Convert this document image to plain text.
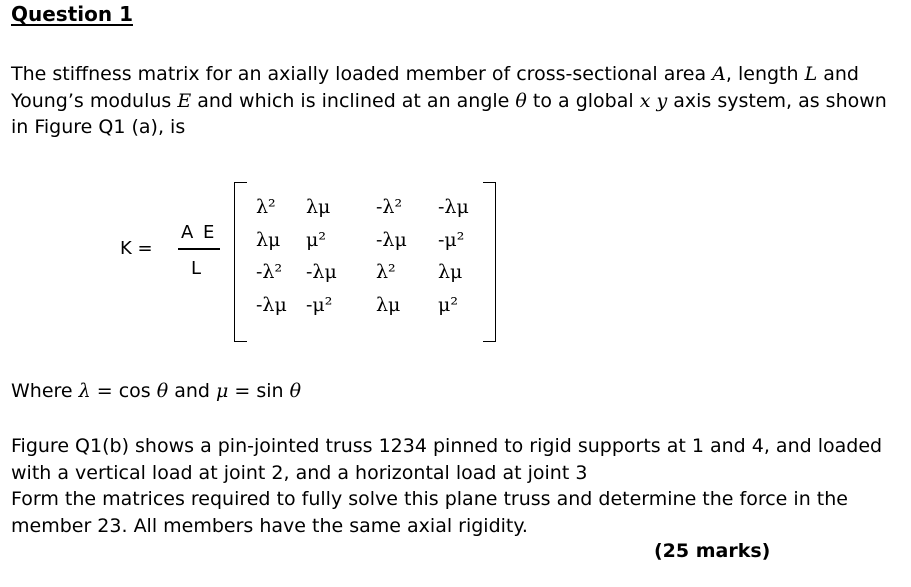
Question 1
The stiffness matrix for an axially loaded member of cross-sectional area A, length L and Young’s modulus E and which is inclined at an angle θ to a global x y axis system, as shown in Figure Q1 (a), is
K =
A E
L
λ² λμ -λ² -λμ
λμ μ²	-λμ -μ²
-λ² -λμ λ² λμ
-λμ -μ² λμ μ²
Where λ = cos θ and μ = sin θ
Figure Q1(b) shows a pin-jointed truss 1234 pinned to rigid supports at 1 and 4, and loaded with a vertical load at joint 2, and a horizontal load at joint 3
Form the matrices required to fully solve this plane truss and determine the force in the member 23. All members have the same axial rigidity.
(25 marks)
